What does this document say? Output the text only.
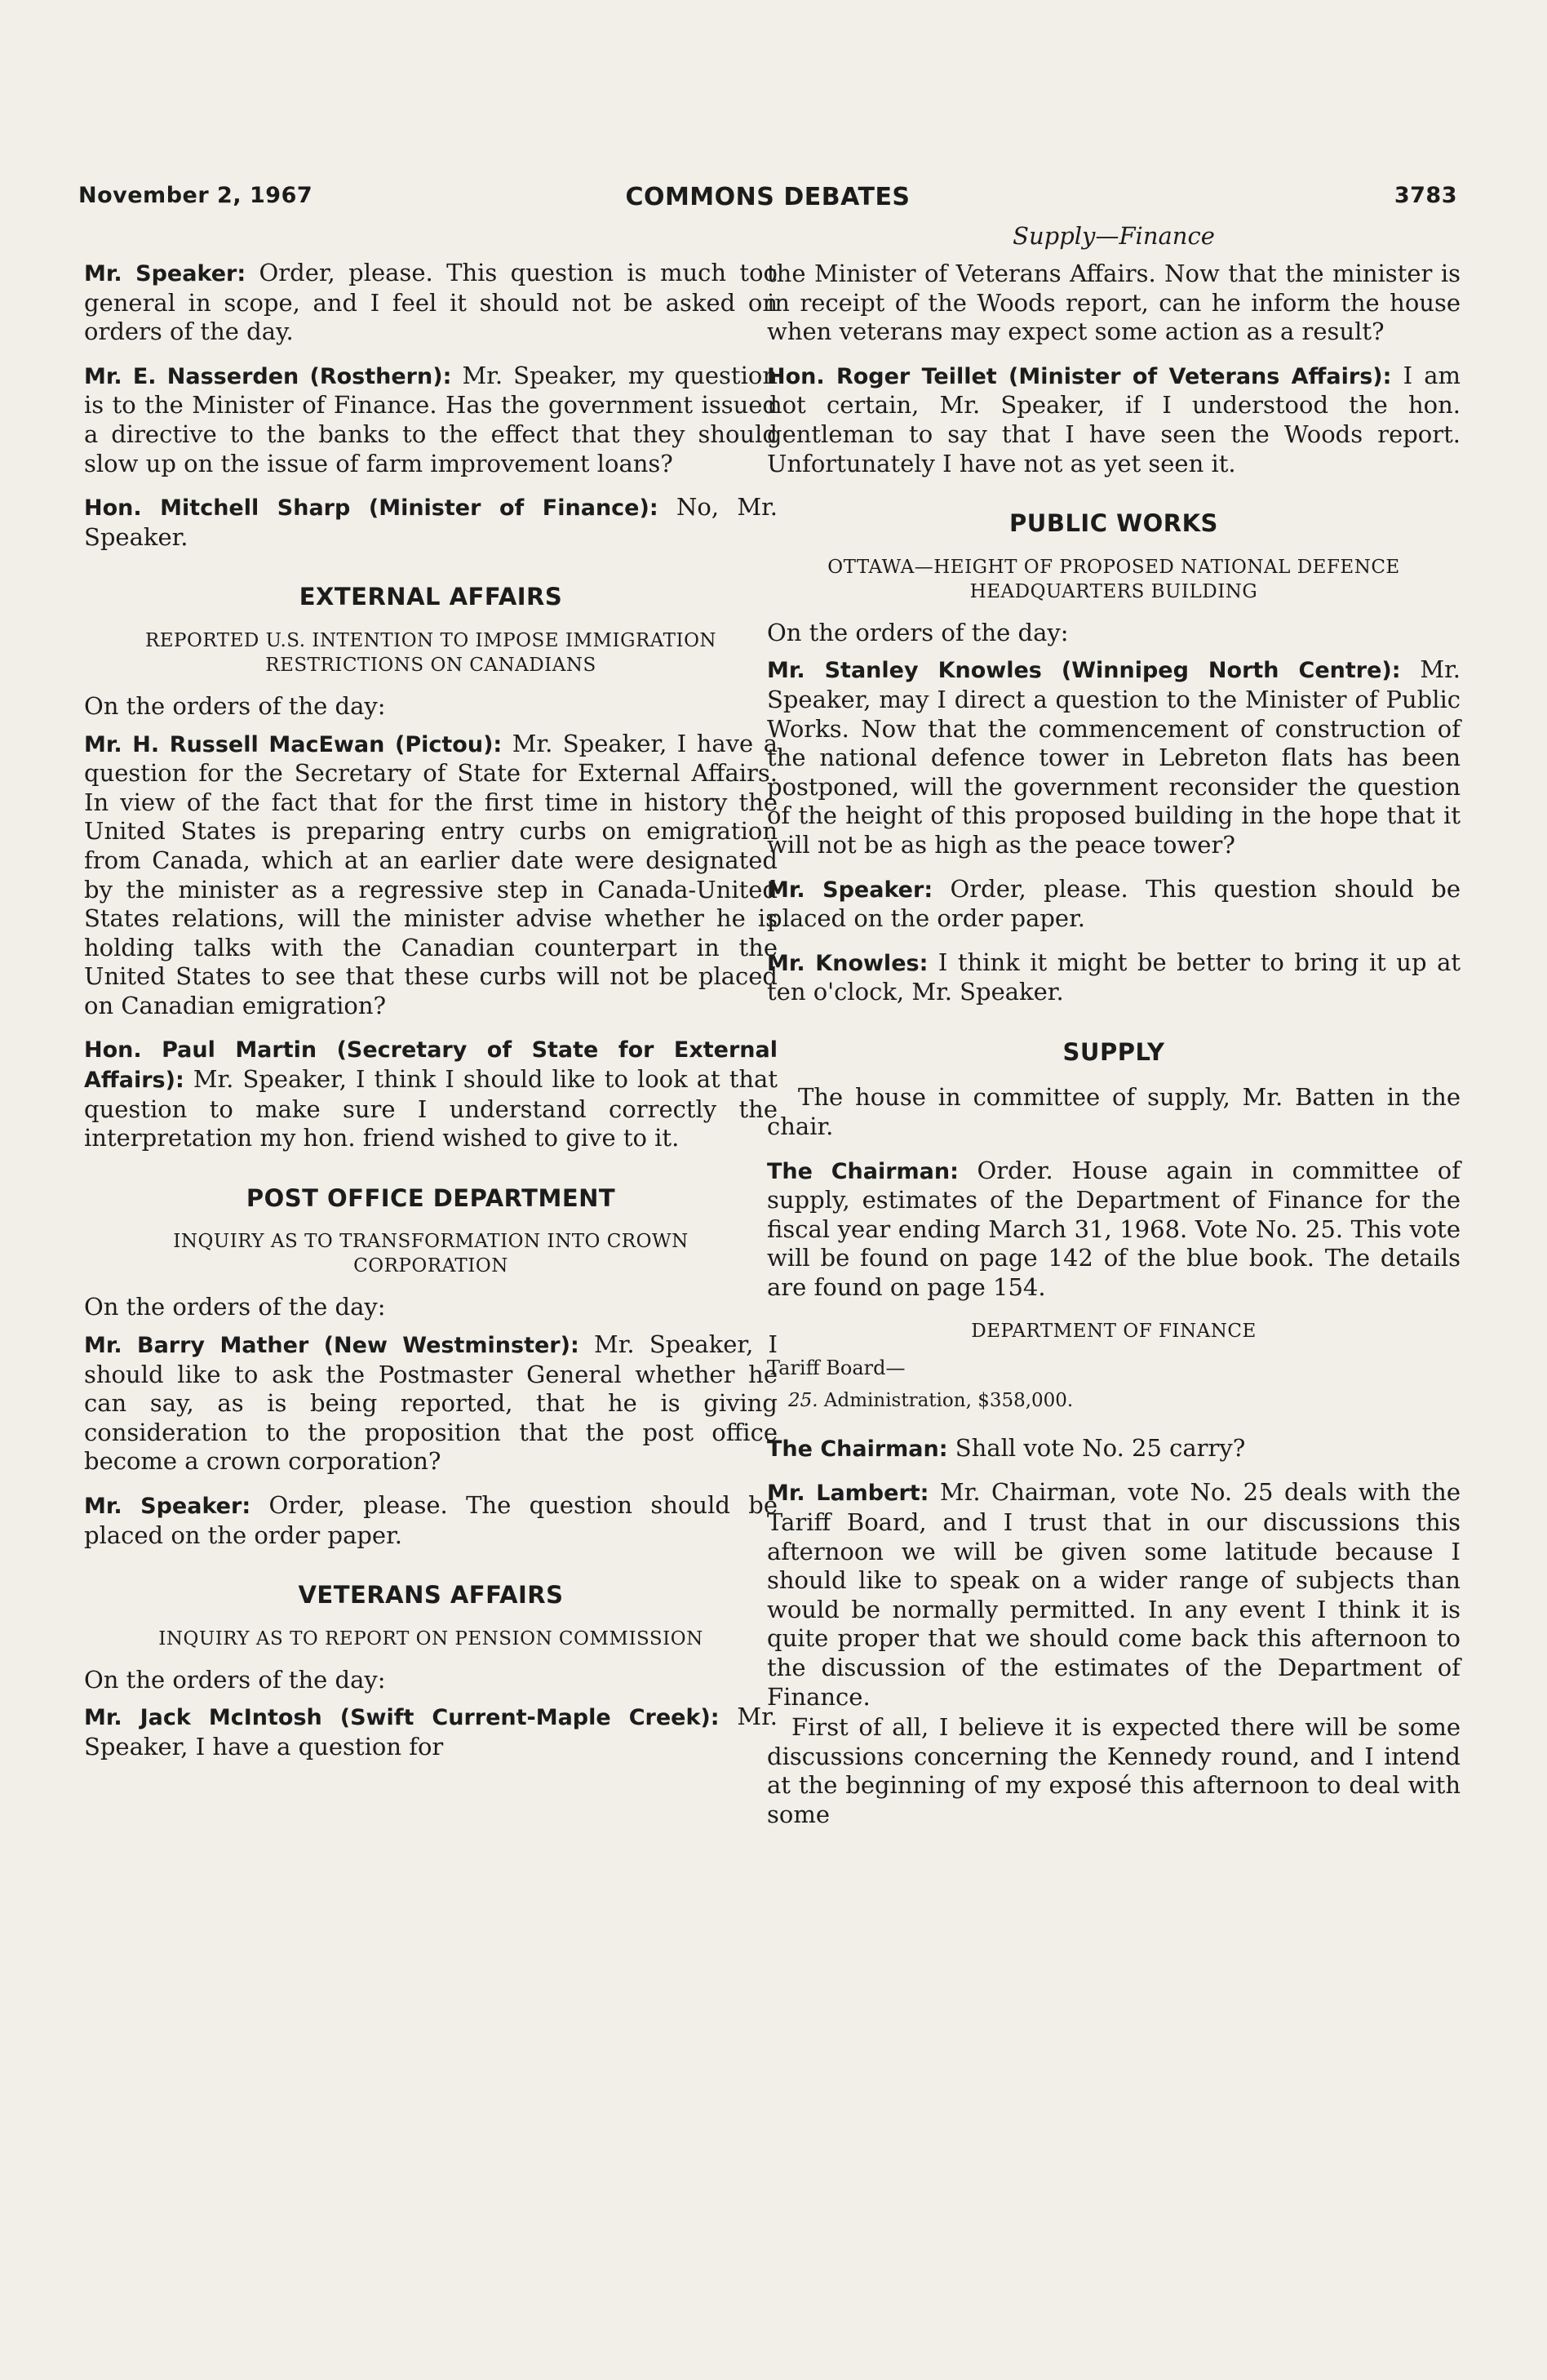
November 2, 1967	COMMONS DEBATES	3783
Supply—Finance

Mr. Speaker: Order, please. This question is much too general in scope, and I feel it should not be asked on orders of the day.

Mr. E. Nasserden (Rosthern): Mr. Speaker, my question is to the Minister of Finance. Has the government issued a directive to the banks to the effect that they should slow up on the issue of farm improvement loans?

Hon. Mitchell Sharp (Minister of Finance): No, Mr. Speaker.

EXTERNAL AFFAIRS
REPORTED U.S. INTENTION TO IMPOSE IMMIGRATION RESTRICTIONS ON CANADIANS

On the orders of the day:

Mr. H. Russell MacEwan (Pictou): Mr. Speaker, I have a question for the Secretary of State for External Affairs. In view of the fact that for the first time in history the United States is preparing entry curbs on emigration from Canada, which at an earlier date were designated by the minister as a regressive step in Canada-United States relations, will the minister advise whether he is holding talks with the Canadian counterpart in the United States to see that these curbs will not be placed on Canadian emigration?

Hon. Paul Martin (Secretary of State for External Affairs): Mr. Speaker, I think I should like to look at that question to make sure I understand correctly the interpretation my hon. friend wished to give to it.

POST OFFICE DEPARTMENT
INQUIRY AS TO TRANSFORMATION INTO CROWN CORPORATION

On the orders of the day:

Mr. Barry Mather (New Westminster): Mr. Speaker, I should like to ask the Postmaster General whether he can say, as is being reported, that he is giving consideration to the proposition that the post office become a crown corporation?

Mr. Speaker: Order, please. The question should be placed on the order paper.

VETERANS AFFAIRS
INQUIRY AS TO REPORT ON PENSION COMMISSION

On the orders of the day:

Mr. Jack McIntosh (Swift Current-Maple Creek): Mr. Speaker, I have a question for

the Minister of Veterans Affairs. Now that the minister is in receipt of the Woods report, can he inform the house when veterans may expect some action as a result?

Hon. Roger Teillet (Minister of Veterans Affairs): I am not certain, Mr. Speaker, if I understood the hon. gentleman to say that I have seen the Woods report. Unfortunately I have not as yet seen it.

PUBLIC WORKS
OTTAWA—HEIGHT OF PROPOSED NATIONAL DEFENCE HEADQUARTERS BUILDING

On the orders of the day:

Mr. Stanley Knowles (Winnipeg North Centre): Mr. Speaker, may I direct a question to the Minister of Public Works. Now that the commencement of construction of the national defence tower in Lebreton flats has been postponed, will the government reconsider the question of the height of this proposed building in the hope that it will not be as high as the peace tower?

Mr. Speaker: Order, please. This question should be placed on the order paper.

Mr. Knowles: I think it might be better to bring it up at ten o'clock, Mr. Speaker.

SUPPLY

The house in committee of supply, Mr. Batten in the chair.

The Chairman: Order. House again in committee of supply, estimates of the Department of Finance for the fiscal year ending March 31, 1968. Vote No. 25. This vote will be found on page 142 of the blue book. The details are found on page 154.

DEPARTMENT OF FINANCE
Tariff Board—
25. Administration, $358,000.

The Chairman: Shall vote No. 25 carry?

Mr. Lambert: Mr. Chairman, vote No. 25 deals with the Tariff Board, and I trust that in our discussions this afternoon we will be given some latitude because I should like to speak on a wider range of subjects than would be normally permitted. In any event I think it is quite proper that we should come back this afternoon to the discussion of the estimates of the Department of Finance.

First of all, I believe it is expected there will be some discussions concerning the Kennedy round, and I intend at the beginning of my exposé this afternoon to deal with some
